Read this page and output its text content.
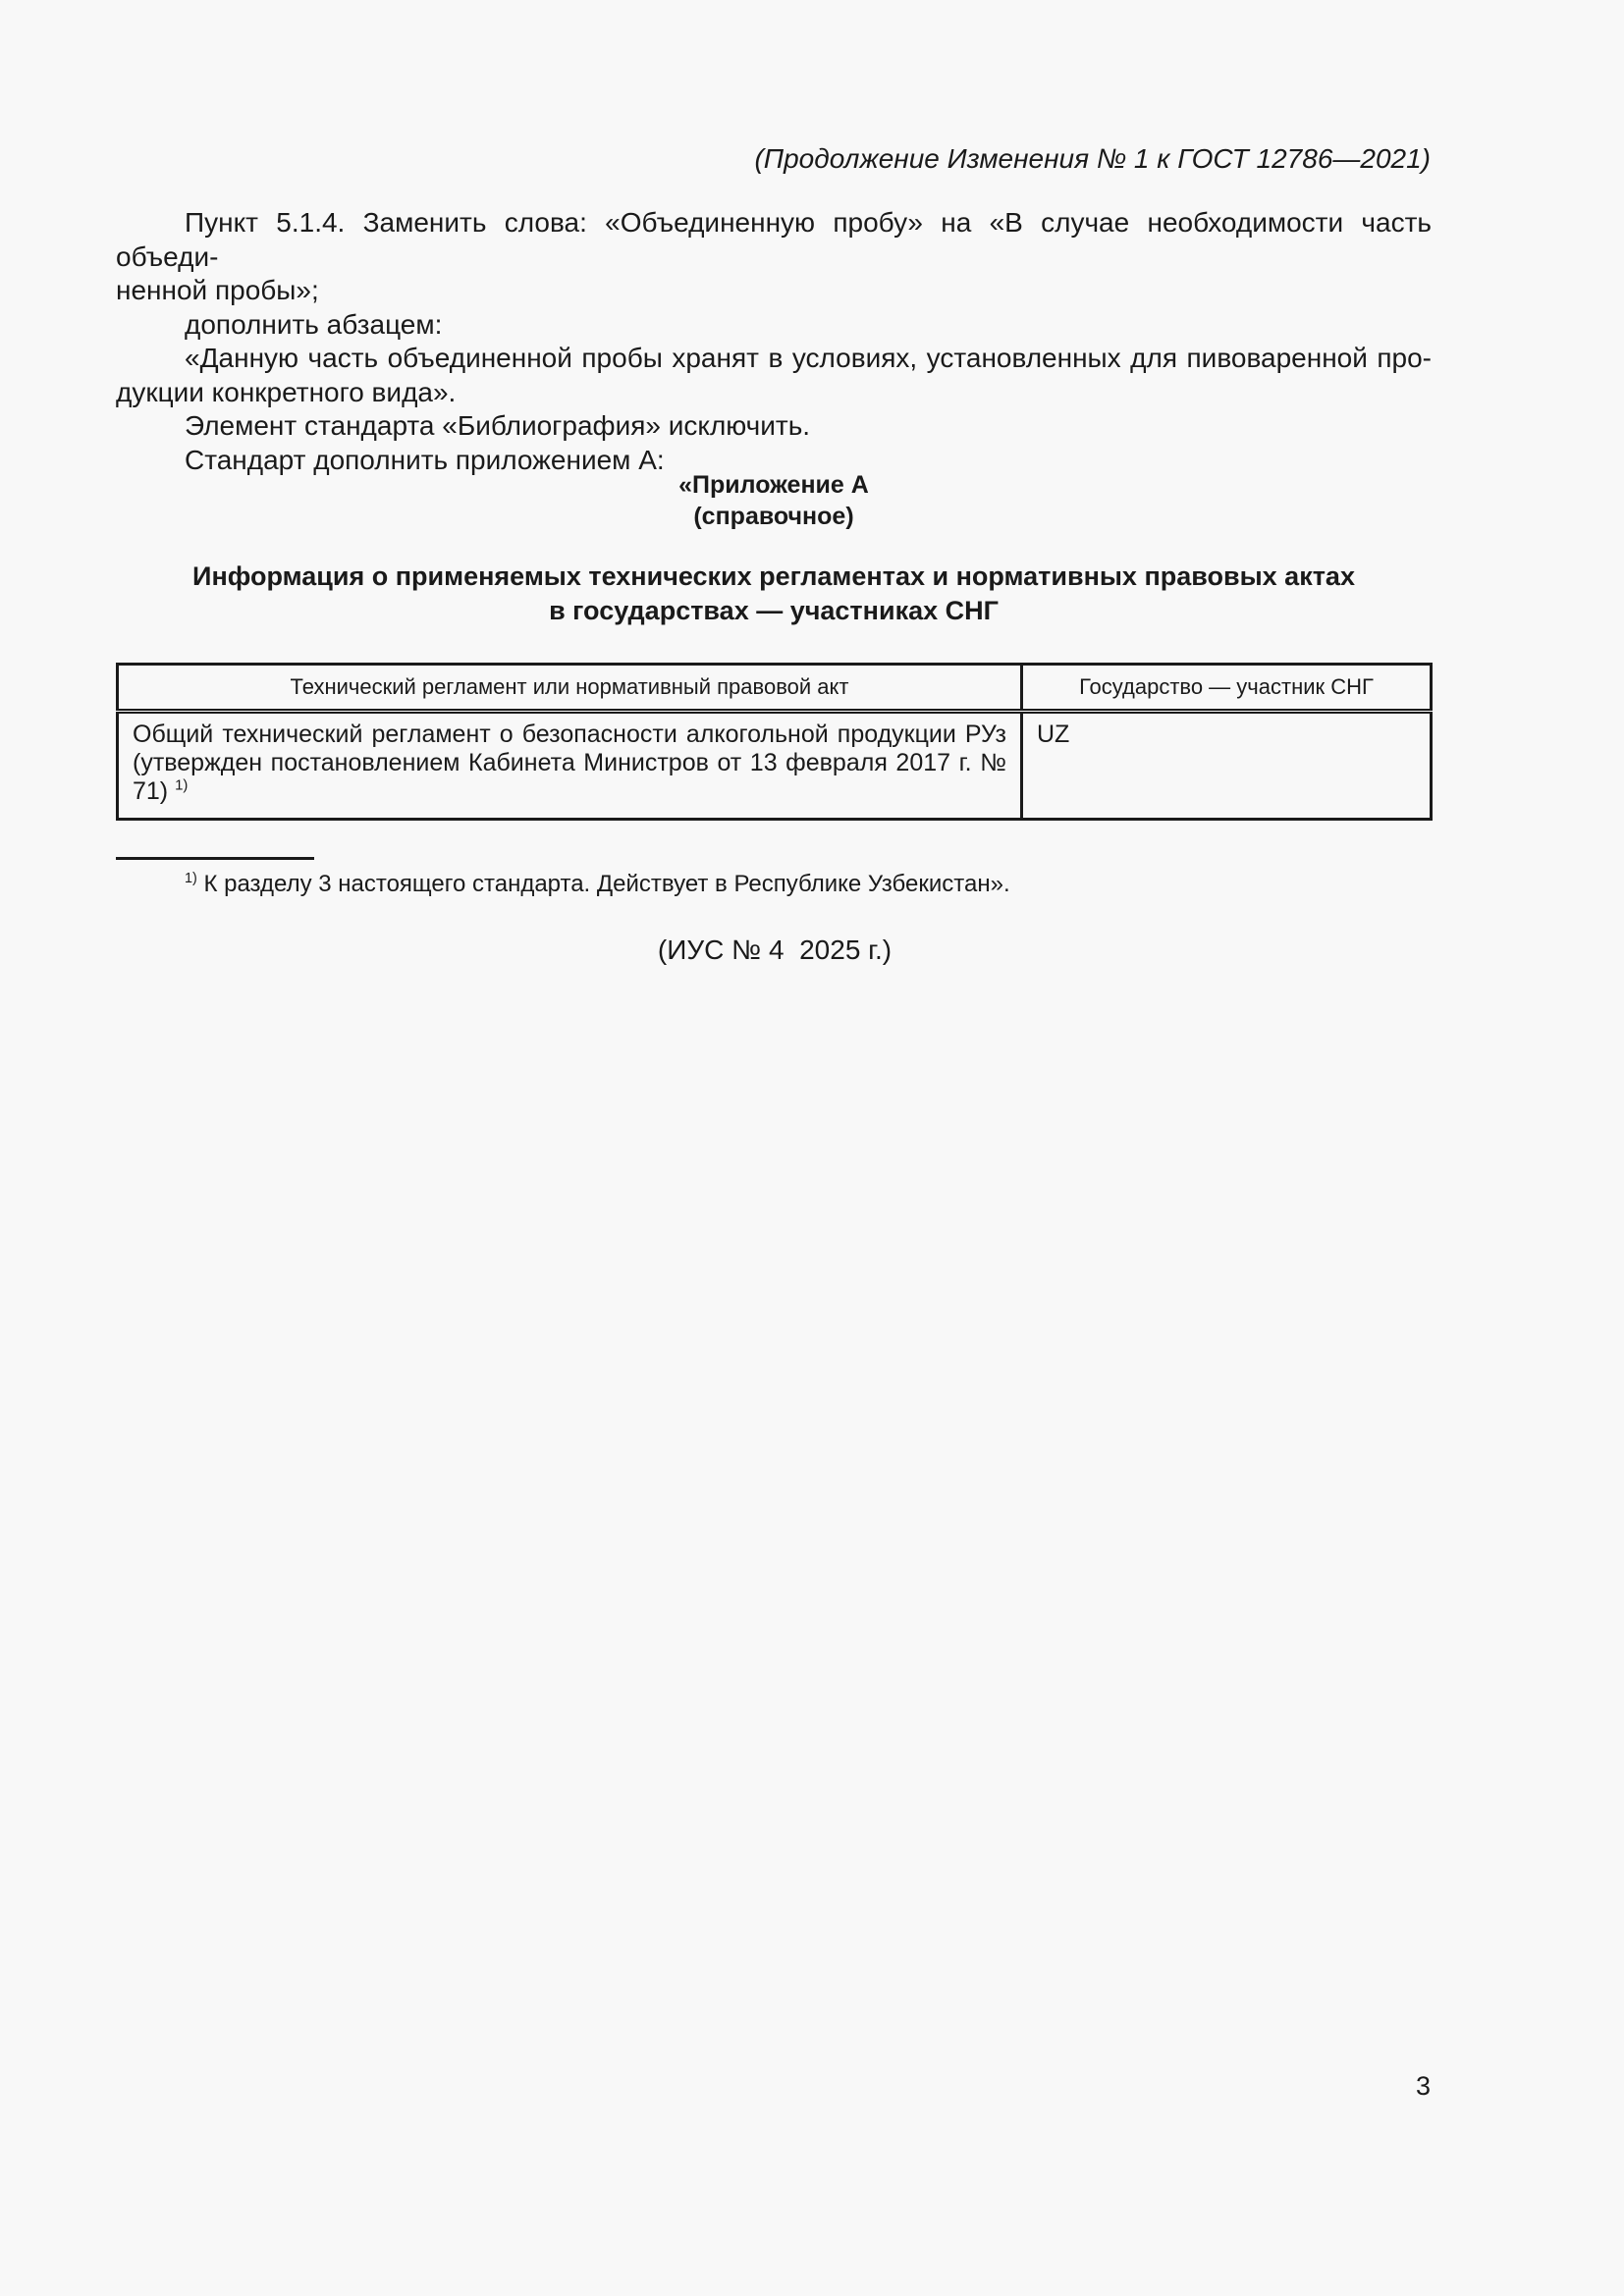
(Продолжение Изменения № 1 к ГОСТ 12786—2021)

Пункт 5.1.4. Заменить слова: «Объединенную пробу» на «В случае необходимости часть объеди-

ненной пробы»;

дополнить абзацем:

«Данную часть объединенной пробы хранят в условиях, установленных для пивоваренной про-

дукции конкретного вида».

Элемент стандарта «Библиография» исключить.

Стандарт дополнить приложением А:

«Приложение А
(справочное)
Информация о применяемых технических регламентах и нормативных правовых актах
в государствах — участниках СНГ
Технический регламент или нормативный правовой акт	Государство — участник СНГ
Общий технический регламент о безопасности алкогольной продукции РУз (утвержден постановлением Кабинета Министров от 13 февраля 2017 г. № 71) $^{1)}$	UZ
$^{1)}$ К разделу 3 настоящего стандарта. Действует в Республике Узбекистан».
(ИУС № 4  2025 г.)
3
